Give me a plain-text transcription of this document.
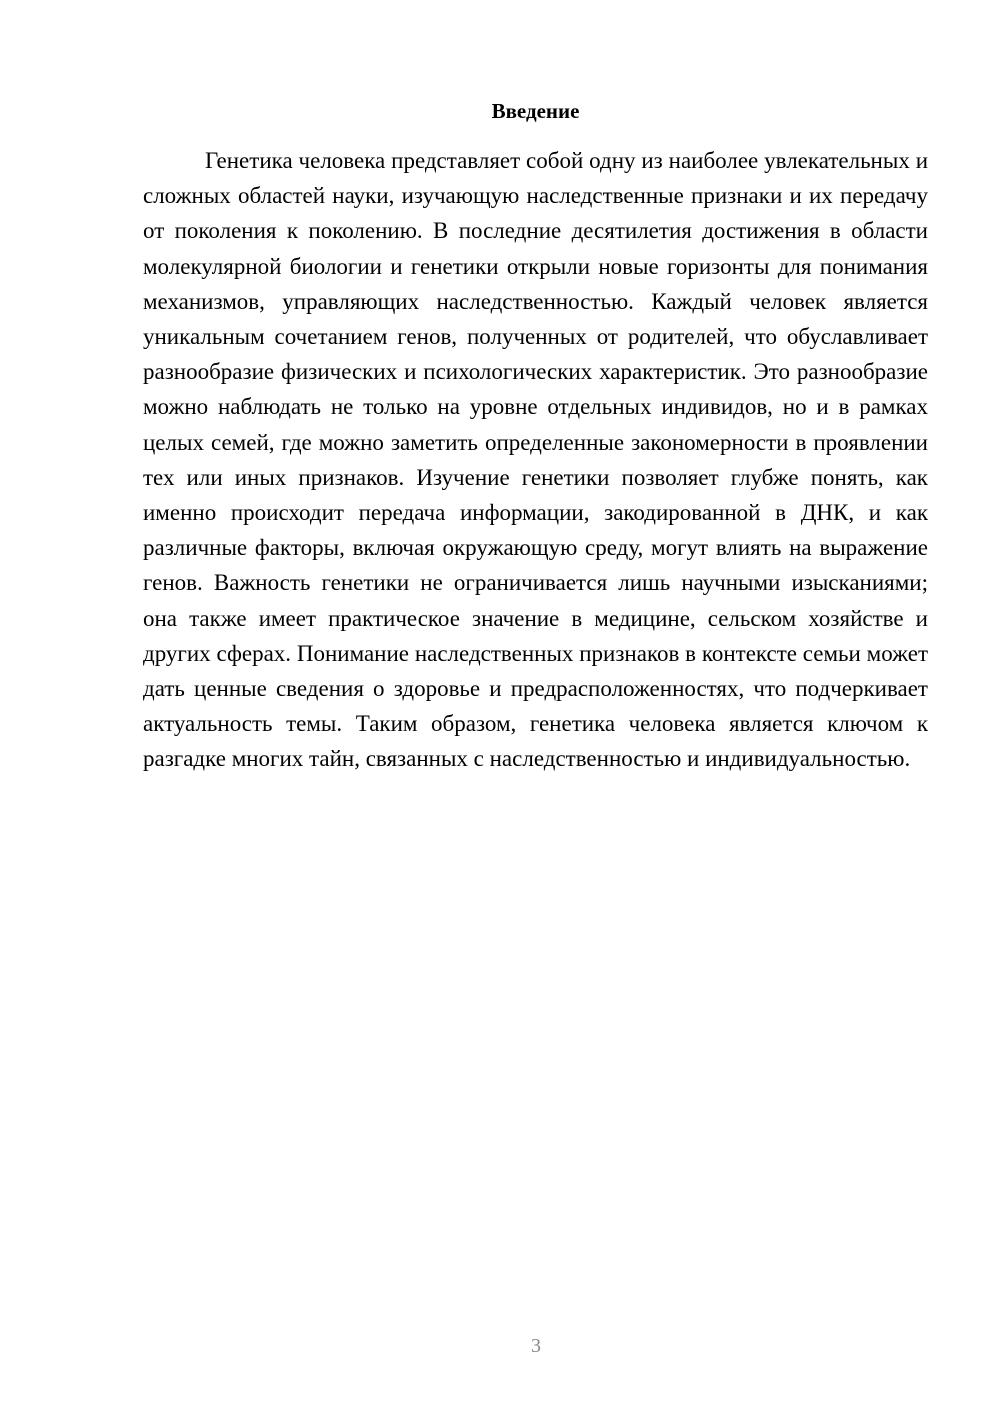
Введение

Генетика человека представляет собой одну из наиболее увлекательных и сложных областей науки, изучающую наследственные признаки и их передачу от поколения к поколению. В последние десятилетия достижения в области молекулярной биологии и генетики открыли новые горизонты для понимания механизмов, управляющих наследственностью. Каждый человек является уникальным сочетанием генов, полученных от родителей, что обуславливает разнообразие физических и психологических характеристик. Это разнообразие можно наблюдать не только на уровне отдельных индивидов, но и в рамках целых семей, где можно заметить определенные закономерности в проявлении тех или иных признаков. Изучение генетики позволяет глубже понять, как именно происходит передача информации, закодированной в ДНК, и как различные факторы, включая окружающую среду, могут влиять на выражение генов. Важность генетики не ограничивается лишь научными изысканиями; она также имеет практическое значение в медицине, сельском хозяйстве и других сферах. Понимание наследственных признаков в контексте семьи может дать ценные сведения о здоровье и предрасположенностях, что подчеркивает актуальность темы. Таким образом, генетика человека является ключом к разгадке многих тайн, связанных с наследственностью и индивидуальностью.

3
